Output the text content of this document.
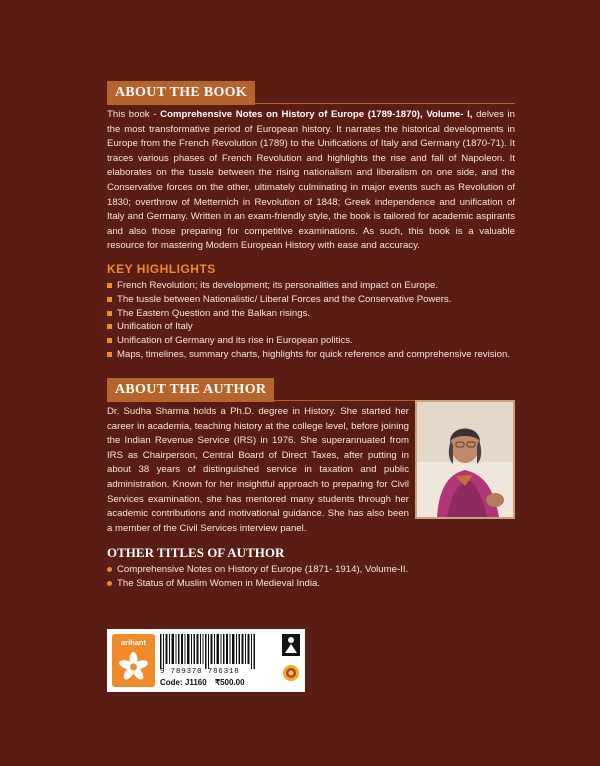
ABOUT THE BOOK
This book - Comprehensive Notes on History of Europe (1789-1870), Volume- I, delves in the most transformative period of European history. It narrates the historical developments in Europe from the French Revolution (1789) to the Unifications of Italy and Germany (1870-71). It traces various phases of French Revolution and highlights the rise and fall of Napoleon. It elaborates on the tussle between the rising nationalism and liberalism on one side, and the Conservative forces on the other, ultimately culminating in major events such as Revolution of 1830; overthrow of Metternich in Revolution of 1848; Greek independence and unification of Italy and Germany. Written in an exam-friendly style, the book is tailored for academic aspirants and also those preparing for competitive examinations. As such, this book is a valuable resource for mastering Modern European History with ease and accuracy.
KEY HIGHLIGHTS
French Revolution; its development; its personalities and impact on Europe.
The tussle between Nationalistic/ Liberal Forces and the Conservative Powers.
The Eastern Question and the Balkan risings.
Unification of Italy
Unification of Germany and its rise in European politics.
Maps, timelines, summary charts, highlights for quick reference and comprehensive revision.
ABOUT THE AUTHOR
Dr. Sudha Sharma holds a Ph.D. degree in History. She started her career in academia, teaching history at the college level, before joining the Indian Revenue Service (IRS) in 1976. She superannuated from IRS as Chairperson, Central Board of Direct Taxes, after putting in about 38 years of distinguished service in taxation and public administration. Known for her insightful approach to preparing for Civil Services examination, she has mentored many students through her academic contributions and motivational guidance. She has also been a member of the Civil Services interview panel.
OTHER TITLES OF AUTHOR
Comprehensive Notes on History of Europe (1871- 1914), Volume-II.
The Status of Muslim Women in Medieval India.
arihant
9 789370 786318
Code: J1160 ₹500.00
